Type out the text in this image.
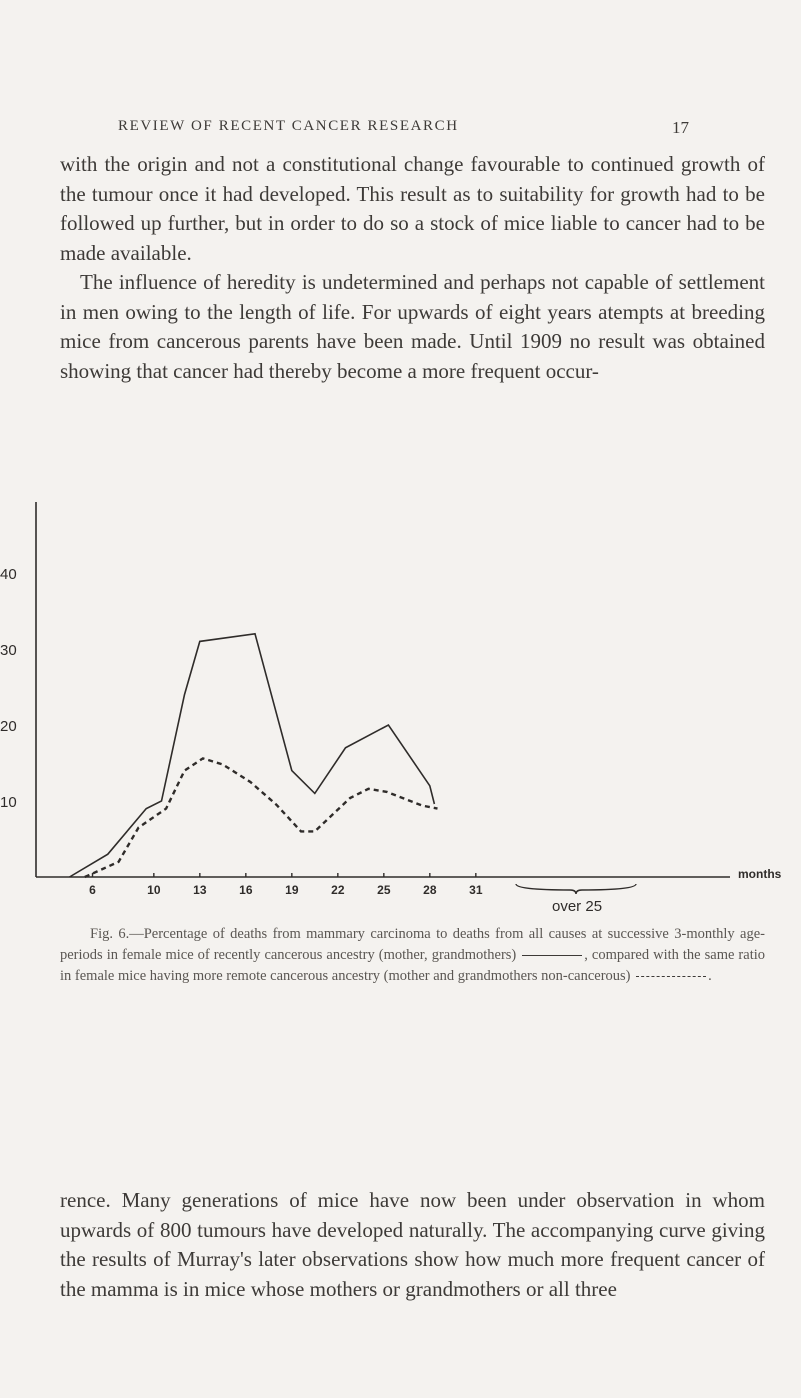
REVIEW OF RECENT CANCER RESEARCH	17

with the origin and not a constitutional change favourable to continued growth of the tumour once it had developed. This result as to suitability for growth had to be followed up further, but in order to do so a stock of mice liable to cancer had to be made available.

The influence of heredity is undetermined and perhaps not capable of settlement in men owing to the length of life. For upwards of eight years atempts at breeding mice from cancerous parents have been made. Until 1909 no result was obtained showing that cancer had thereby become a more frequent occur-

40
30
20
10
6	10	13	16	19	22	25	28	31
months
over 25

Fig. 6.—Percentage of deaths from mammary carcinoma to deaths from all causes at successive 3-monthly age-periods in female mice of recently cancerous ancestry (mother, grandmothers)	, compared with the same ratio in female mice having more remote cancerous ancestry (mother and grandmothers non-cancerous)	.

rence. Many generations of mice have now been under observation in whom upwards of 800 tumours have developed naturally. The accompanying curve giving the results of Murray's later observations show how much more frequent cancer of the mamma is in mice whose mothers or grandmothers or all three
